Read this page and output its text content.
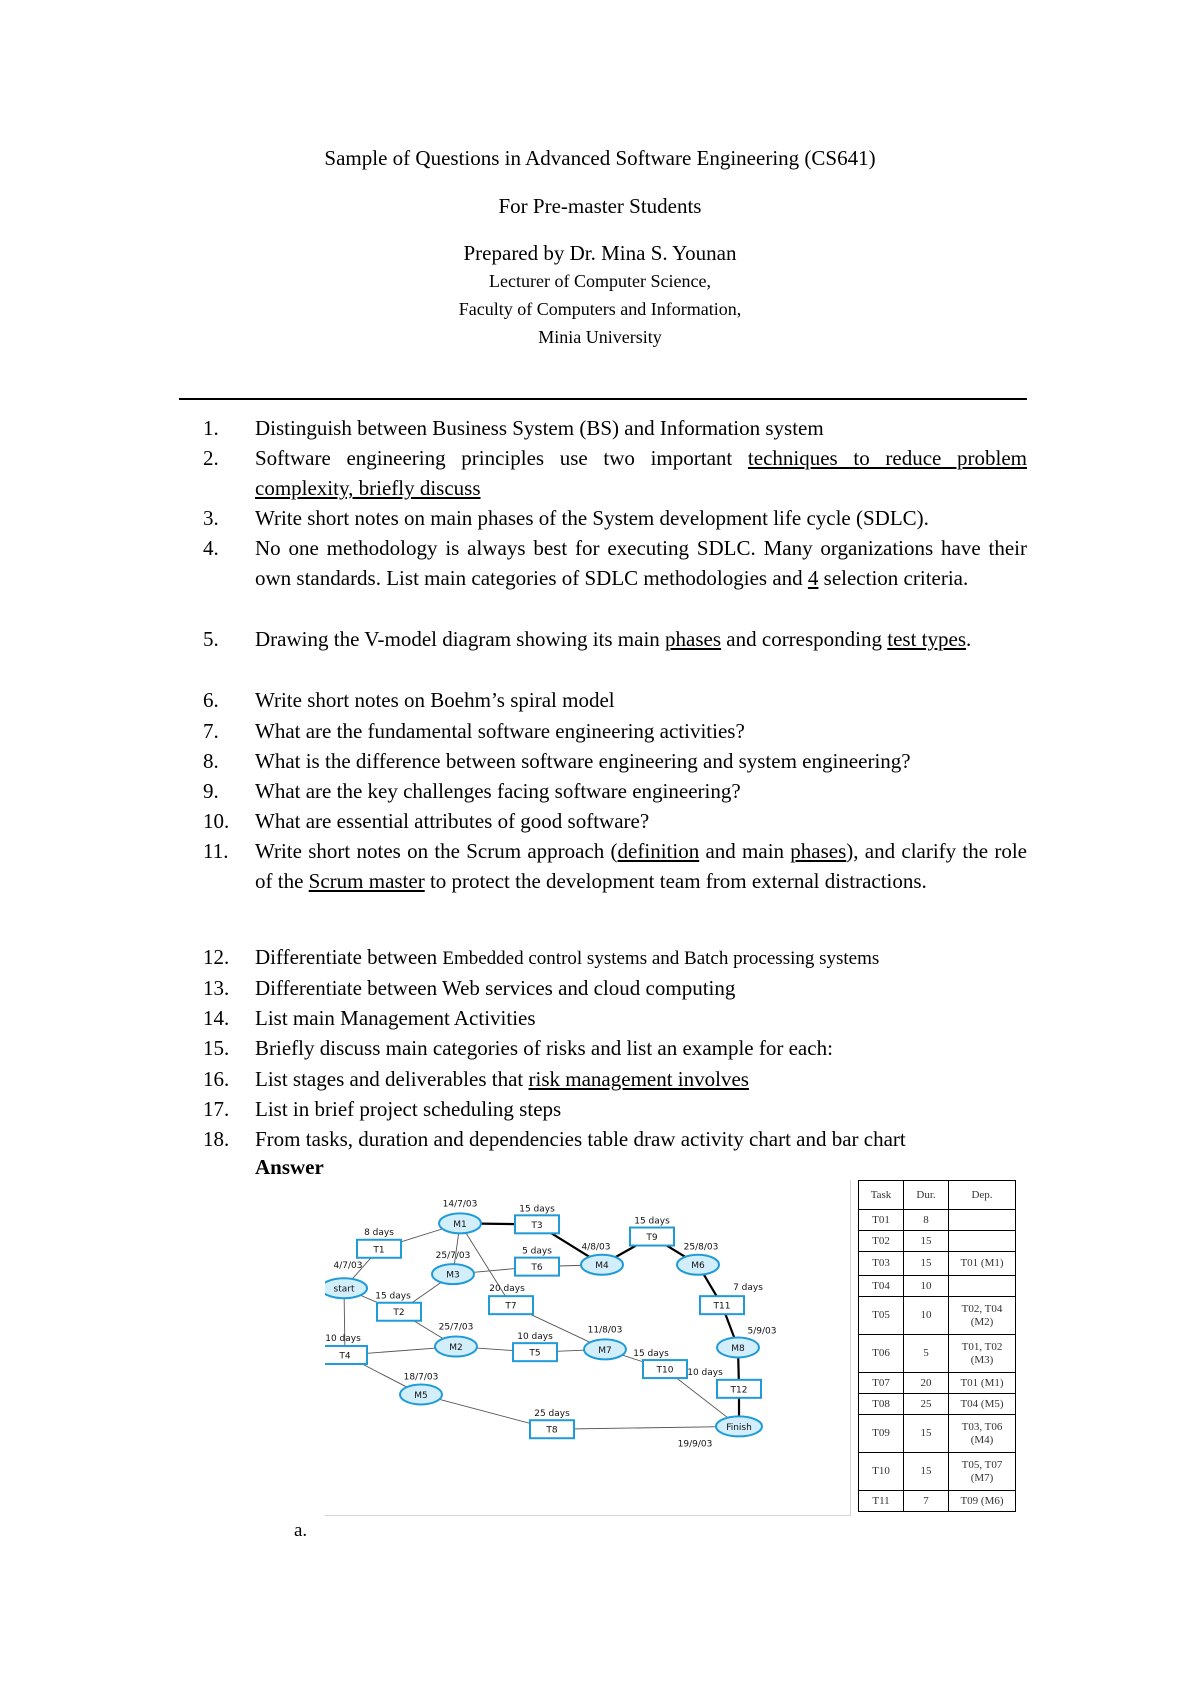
Sample of Questions in Advanced Software Engineering (CS641)
For Pre-master Students
Prepared by Dr. Mina S. Younan
Lecturer of Computer Science,
Faculty of Computers and Information,
Minia University
1. Distinguish between Business System (BS) and Information system
2. Software engineering principles use two important techniques to reduce problem complexity, briefly discuss
3. Write short notes on main phases of the System development life cycle (SDLC).
4. No one methodology is always best for executing SDLC. Many organizations have their own standards. List main categories of SDLC methodologies and 4 selection criteria.
5. Drawing the V-model diagram showing its main phases and corresponding test types.
6. Write short notes on Boehm’s spiral model
7. What are the fundamental software engineering activities?
8. What is the difference between software engineering and system engineering?
9. What are the key challenges facing software engineering?
10. What are essential attributes of good software?
11. Write short notes on the Scrum approach (definition and main phases), and clarify the role of the Scrum master to protect the development team from external distractions.
12. Differentiate between Embedded control systems and Batch processing systems
13. Differentiate between Web services and cloud computing
14. List main Management Activities
15. Briefly discuss main categories of risks and list an example for each:
16. List stages and deliverables that risk management involves
17. List in brief project scheduling steps
18. From tasks, duration and dependencies table draw activity chart and bar chart
Answer
start
M1
M3
M2
M5
M4	M6
M7	M8
Finish
4/7/03
14/7/03
25/7/03
25/7/03
18/7/03
4/8/03	25/8/03
11/8/03	5/9/03
19/9/03
T1
T2
T3
T4	T5
T6
T7
T8
T9
T10
T11
T12
8 days
15 days
15 days
10 days	10 days
5 days
20 days
25 days
15 days
15 days
7 days
10 days
Task	Dur.	Dep.
T01	8	
T02	15	
T03	15	T01 (M1)
T04	10	
T05	10	T02, T04 (M2)
T06	5	T01, T02 (M3)
T07	20	T01 (M1)
T08	25	T04 (M5)
T09	15	T03, T06 (M4)
T10	15	T05, T07 (M7)
T11	7	T09 (M6)
a.
